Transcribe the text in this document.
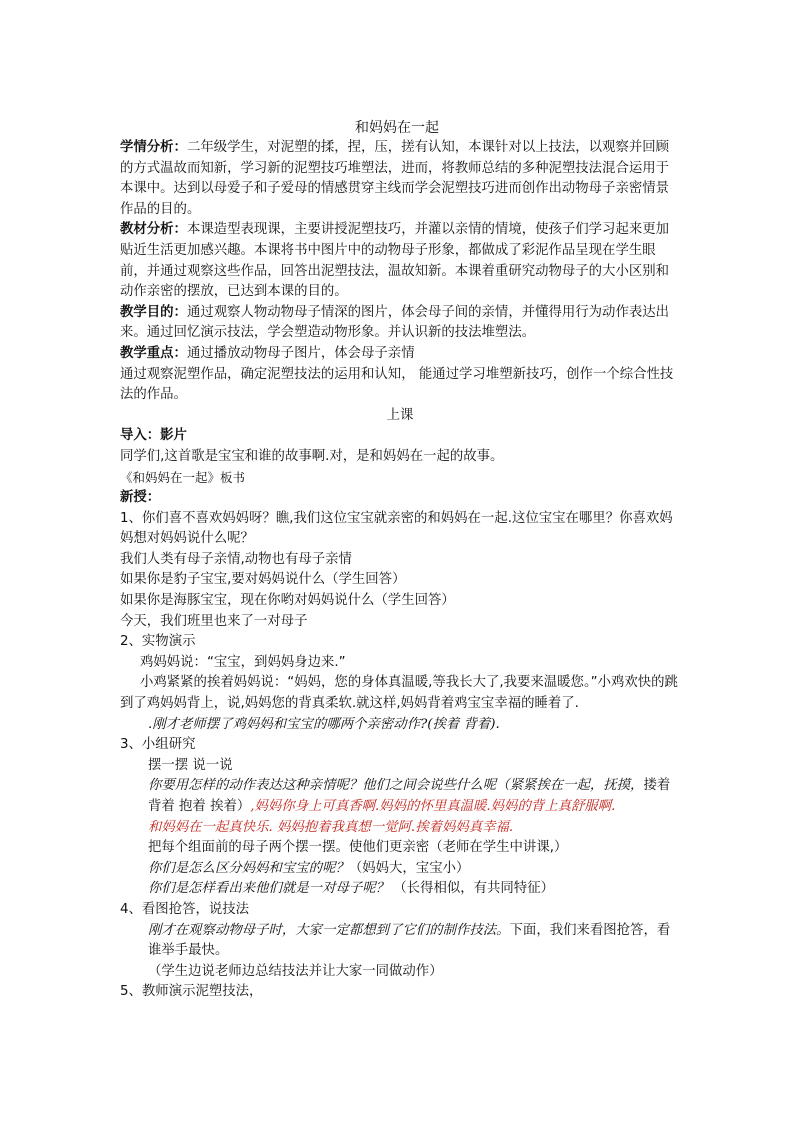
和妈妈在一起

学情分析：二年级学生，对泥塑的揉，捏，压，搓有认知，本课针对以上技法，以观察并回顾的方式温故而知新，学习新的泥塑技巧堆塑法，进而，将教师总结的多种泥塑技法混合运用于本课中。达到以母爱子和子爱母的情感贯穿主线而学会泥塑技巧进而创作出动物母子亲密情景作品的目的。

教材分析：本课造型表现课，主要讲授泥塑技巧，并灌以亲情的情境，使孩子们学习起来更加贴近生活更加感兴趣。本课将书中图片中的动物母子形象，都做成了彩泥作品呈现在学生眼前，并通过观察这些作品，回答出泥塑技法，温故知新。本课着重研究动物母子的大小区别和动作亲密的摆放，已达到本课的目的。

教学目的：通过观察人物动物母子情深的图片，体会母子间的亲情，并懂得用行为动作表达出来。通过回忆演示技法，学会塑造动物形象。并认识新的技法堆塑法。

教学重点：通过播放动物母子图片，体会母子亲情

通过观察泥塑作品，确定泥塑技法的运用和认知， 能通过学习堆塑新技巧，创作一个综合性技法的作品。

上课

导入：影片

同学们,这首歌是宝宝和谁的故事啊.对，是和妈妈在一起的故事。

《和妈妈在一起》板书

新授：

1、你们喜不喜欢妈妈呀？瞧,我们这位宝宝就亲密的和妈妈在一起.这位宝宝在哪里？你喜欢妈妈想对妈妈说什么呢？

我们人类有母子亲情,动物也有母子亲情

如果你是豹子宝宝,要对妈妈说什么（学生回答）

如果你是海豚宝宝，现在你哟对妈妈说什么（学生回答）

今天，我们班里也来了一对母子

2、实物演示

鸡妈妈说：“宝宝，到妈妈身边来.”

小鸡紧紧的挨着妈妈说：“妈妈，您的身体真温暖,等我长大了,我要来温暖您。”小鸡欢快的跳到了鸡妈妈背上，说,妈妈您的背真柔软.就这样,妈妈背着鸡宝宝幸福的睡着了.

.刚才老师摆了鸡妈妈和宝宝的哪两个亲密动作?(挨着 背着).

3、小组研究

摆一摆 说一说

你要用怎样的动作表达这种亲情呢？他们之间会说些什么呢（紧紧挨在一起，抚摸，搂着 背着 抱着 挨着）,妈妈你身上可真香啊.妈妈的怀里真温暖.妈妈的背上真舒服啊.

和妈妈在一起真快乐. 妈妈抱着我真想一觉阿.挨着妈妈真幸福.

把每个组面前的母子两个摆一摆。使他们更亲密（老师在学生中讲课,）

你们是怎么区分妈妈和宝宝的呢？（妈妈大，宝宝小）

你们是怎样看出来他们就是一对母子呢？ （长得相似，有共同特征）

4、看图抢答，说技法

刚才在观察动物母子时，大家一定都想到了它们的制作技法。下面，我们来看图抢答，看谁举手最快。

（学生边说老师边总结技法并让大家一同做动作）

5、教师演示泥塑技法，
